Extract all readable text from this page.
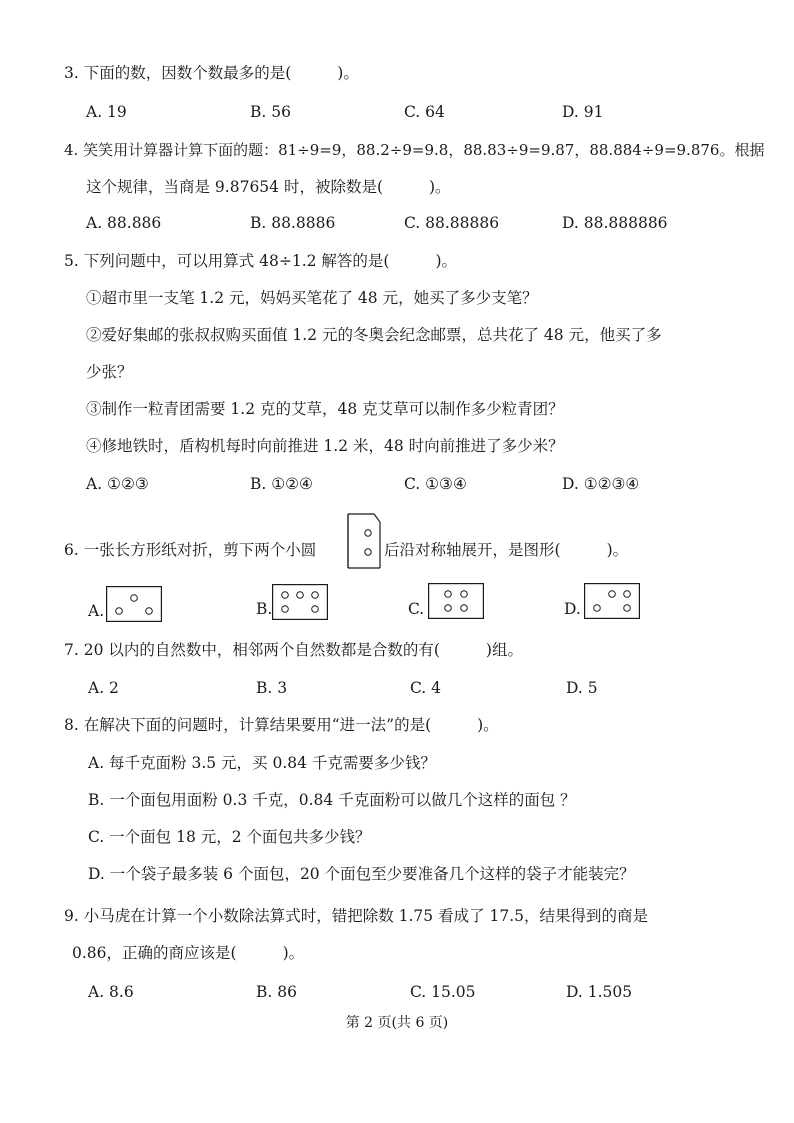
3. 下面的数，因数个数最多的是(	)。
A. 19	B. 56	C. 64	D. 91
4. 笑笑用计算器计算下面的题：81÷9=9，88.2÷9=9.8，88.83÷9=9.87，88.884÷9=9.876。根据
这个规律，当商是 9.87654 时，被除数是(	)。
A. 88.886	B. 88.8886	C. 88.88886	D. 88.888886
5. 下列问题中，可以用算式 48÷1.2 解答的是(	)。
①超市里一支笔 1.2 元，妈妈买笔花了 48 元，她买了多少支笔？
②爱好集邮的张叔叔购买面值 1.2 元的冬奥会纪念邮票，总共花了 48 元，他买了多
少张？
③制作一粒青团需要 1.2 克的艾草，48 克艾草可以制作多少粒青团？
④修地铁时，盾构机每时向前推进 1.2 米，48 时向前推进了多少米？
A. ①②③	B. ①②④	C. ①③④	D. ①②③④
6. 一张长方形纸对折，剪下两个小圆	后沿对称轴展开，是图形(	)。
A.	B.	C.	D.
7. 20 以内的自然数中，相邻两个自然数都是合数的有(	)组。
A. 2	B. 3	C. 4	D. 5
8. 在解决下面的问题时，计算结果要用“进一法”的是(	)。
A. 每千克面粉 3.5 元，买 0.84 千克需要多少钱？
B. 一个面包用面粉 0.3 千克，0.84 千克面粉可以做几个这样的面包 ？
C. 一个面包 18 元，2 个面包共多少钱？
D. 一个袋子最多装 6 个面包，20 个面包至少要准备几个这样的袋子才能装完？
9. 小马虎在计算一个小数除法算式时，错把除数 1.75 看成了 17.5，结果得到的商是
0.86，正确的商应该是(	)。
A. 8.6	B. 86	C. 15.05	D. 1.505
第 2 页(共 6 页)
